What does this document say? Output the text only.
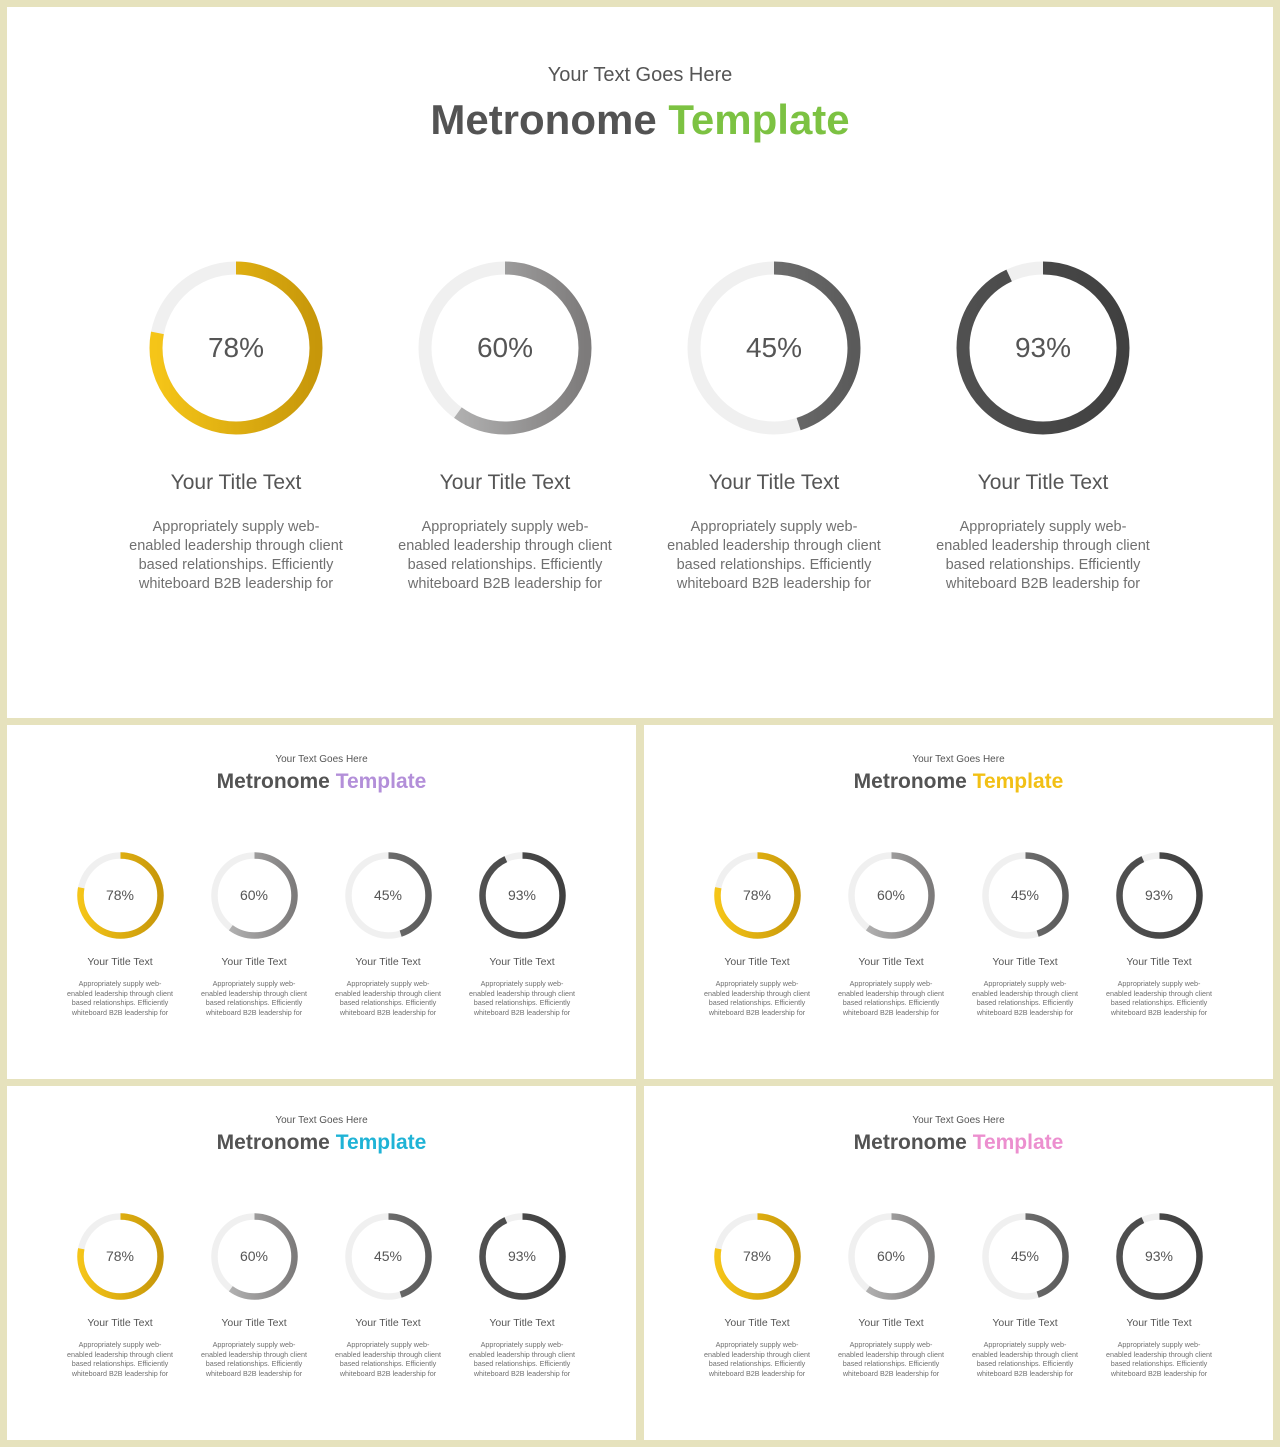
Your Text Goes Here
Metronome Template
78%
Your Title Text
Appropriately supply web-
enabled leadership through client
based relationships. Efficiently
whiteboard B2B leadership for
60%
Your Title Text
Appropriately supply web-
enabled leadership through client
based relationships. Efficiently
whiteboard B2B leadership for
45%
Your Title Text
Appropriately supply web-
enabled leadership through client
based relationships. Efficiently
whiteboard B2B leadership for
93%
Your Title Text
Appropriately supply web-
enabled leadership through client
based relationships. Efficiently
whiteboard B2B leadership for
Your Text Goes Here
Metronome Template
78%
Your Title Text
Appropriately supply web-
enabled leadership through client
based relationships. Efficiently
whiteboard B2B leadership for
60%
Your Title Text
Appropriately supply web-
enabled leadership through client
based relationships. Efficiently
whiteboard B2B leadership for
45%
Your Title Text
Appropriately supply web-
enabled leadership through client
based relationships. Efficiently
whiteboard B2B leadership for
93%
Your Title Text
Appropriately supply web-
enabled leadership through client
based relationships. Efficiently
whiteboard B2B leadership for
Your Text Goes Here
Metronome Template
78%
Your Title Text
Appropriately supply web-
enabled leadership through client
based relationships. Efficiently
whiteboard B2B leadership for
60%
Your Title Text
Appropriately supply web-
enabled leadership through client
based relationships. Efficiently
whiteboard B2B leadership for
45%
Your Title Text
Appropriately supply web-
enabled leadership through client
based relationships. Efficiently
whiteboard B2B leadership for
93%
Your Title Text
Appropriately supply web-
enabled leadership through client
based relationships. Efficiently
whiteboard B2B leadership for
Your Text Goes Here
Metronome Template
78%
Your Title Text
Appropriately supply web-
enabled leadership through client
based relationships. Efficiently
whiteboard B2B leadership for
60%
Your Title Text
Appropriately supply web-
enabled leadership through client
based relationships. Efficiently
whiteboard B2B leadership for
45%
Your Title Text
Appropriately supply web-
enabled leadership through client
based relationships. Efficiently
whiteboard B2B leadership for
93%
Your Title Text
Appropriately supply web-
enabled leadership through client
based relationships. Efficiently
whiteboard B2B leadership for
Your Text Goes Here
Metronome Template
78%
Your Title Text
Appropriately supply web-
enabled leadership through client
based relationships. Efficiently
whiteboard B2B leadership for
60%
Your Title Text
Appropriately supply web-
enabled leadership through client
based relationships. Efficiently
whiteboard B2B leadership for
45%
Your Title Text
Appropriately supply web-
enabled leadership through client
based relationships. Efficiently
whiteboard B2B leadership for
93%
Your Title Text
Appropriately supply web-
enabled leadership through client
based relationships. Efficiently
whiteboard B2B leadership for
